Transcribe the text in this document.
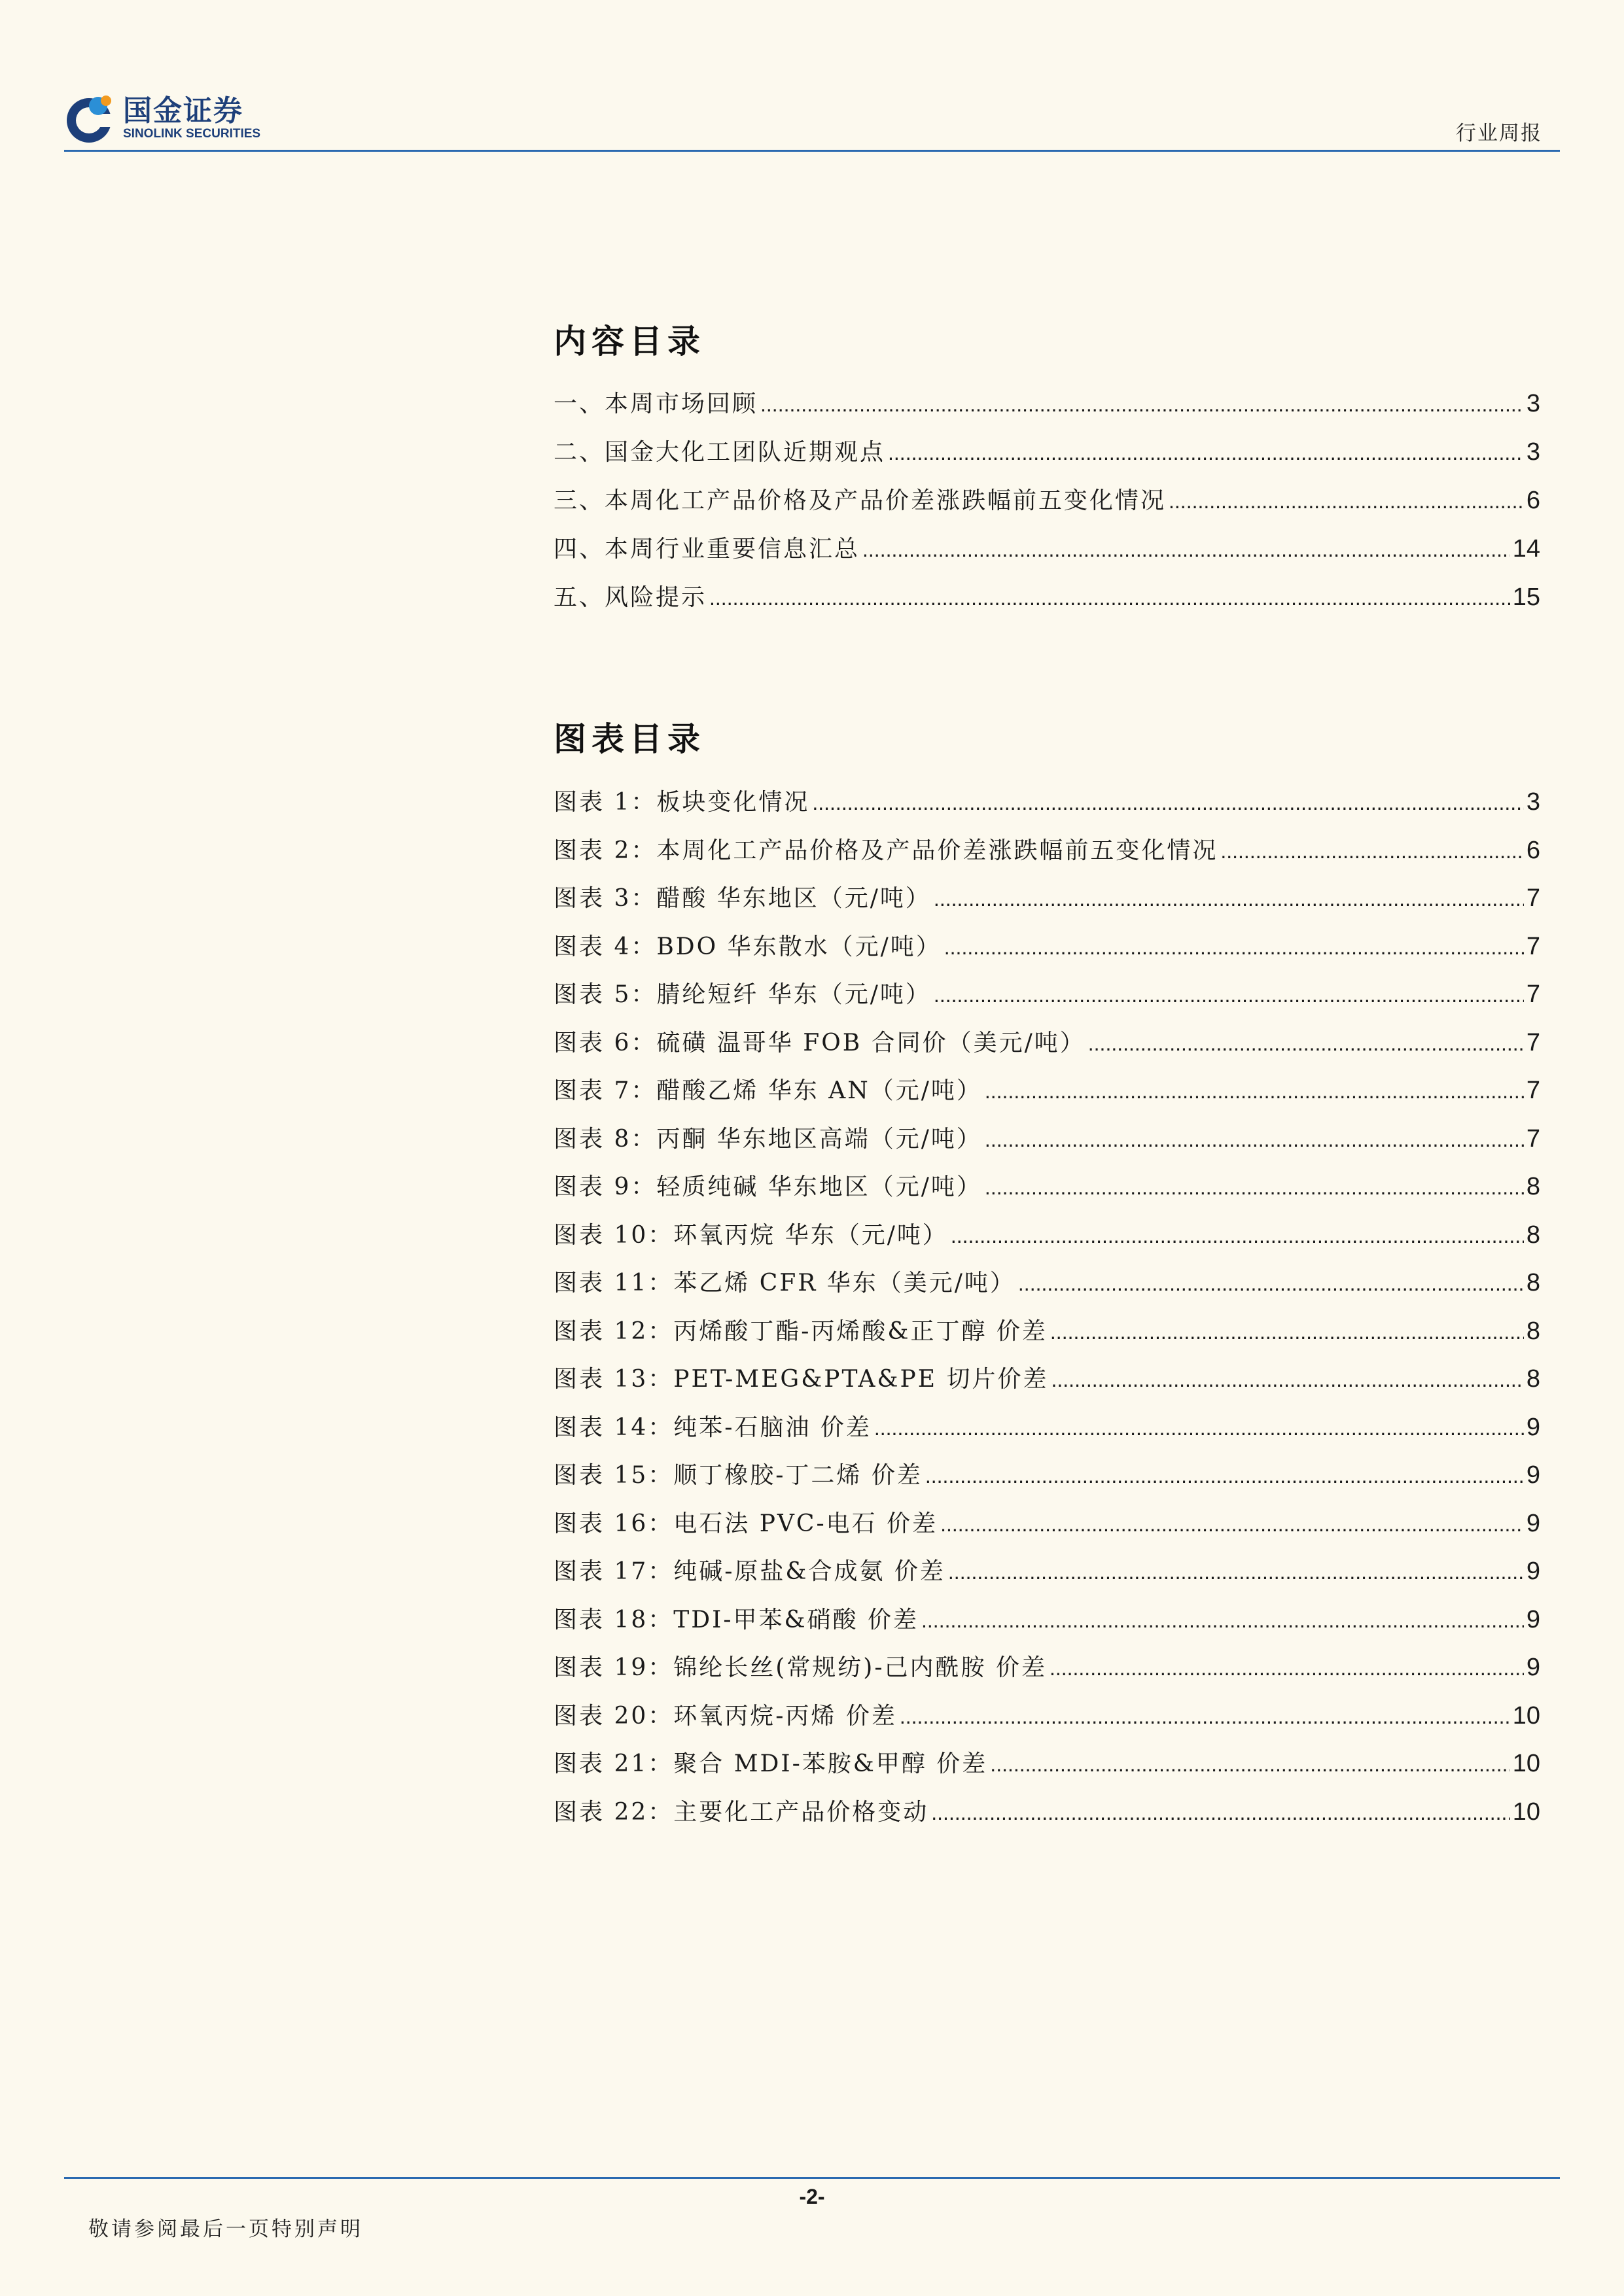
国金证券
SINOLINK SECURITIES	行业周报
内容目录
一、本周市场回顾 .....	3
二、国金大化工团队近期观点 .....	3
三、本周化工产品价格及产品价差涨跌幅前五变化情况 .....	6
四、本周行业重要信息汇总 .....	14
五、风险提示 .....	15
图表目录
图表 1：板块变化情况 .....	3
图表 2：本周化工产品价格及产品价差涨跌幅前五变化情况 .....	6
图表 3：醋酸 华东地区（元/吨） .....	7
图表 4：BDO 华东散水（元/吨） .....	7
图表 5：腈纶短纤 华东（元/吨） .....	7
图表 6：硫磺 温哥华 FOB 合同价（美元/吨） .....	7
图表 7：醋酸乙烯 华东 AN（元/吨） .....	7
图表 8：丙酮 华东地区高端（元/吨） .....	7
图表 9：轻质纯碱 华东地区（元/吨） .....	8
图表 10：环氧丙烷 华东（元/吨） .....	8
图表 11：苯乙烯 CFR 华东（美元/吨） .....	8
图表 12：丙烯酸丁酯-丙烯酸&正丁醇 价差 .....	8
图表 13：PET-MEG&PTA&PE 切片价差 .....	8
图表 14：纯苯-石脑油 价差 .....	9
图表 15：顺丁橡胶-丁二烯 价差 .....	9
图表 16：电石法 PVC-电石 价差 .....	9
图表 17：纯碱-原盐&合成氨 价差 .....	9
图表 18：TDI-甲苯&硝酸 价差 .....	9
图表 19：锦纶长丝(常规纺)-己内酰胺 价差 .....	9
图表 20：环氧丙烷-丙烯 价差 .....	10
图表 21：聚合 MDI-苯胺&甲醇 价差 .....	10
图表 22：主要化工产品价格变动 .....	10
-2-
敬请参阅最后一页特别声明
